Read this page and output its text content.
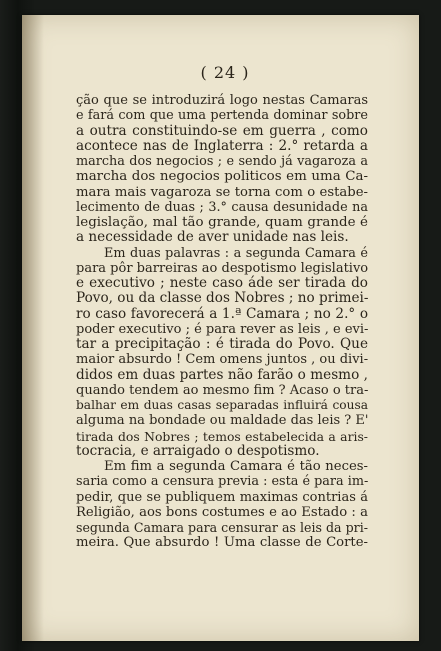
( 24 )
ção que se introduzirá logo nestas Camaras
e fará com que uma pertenda dominar sobre
a outra constituindo-se em guerra , como
acontece nas de Inglaterra : 2.° retarda a
marcha dos negocios ; e sendo já vagaroza a
marcha dos negocios politicos em uma Ca-
mara mais vagaroza se torna com o estabe-
lecimento de duas ; 3.° causa desunidade na
legislação, mal tão grande, quam grande é
a necessidade de aver unidade nas leis.
Em duas palavras : a segunda Camara é
para pôr barreiras ao despotismo legislativo
e executivo ; neste caso áde ser tirada do
Povo, ou da classe dos Nobres ; no primei-
ro caso favorecerá a 1.ª Camara ; no 2.° o
poder executivo ; é para rever as leis , e evi-
tar a precipitação : é tirada do Povo. Que
maior absurdo ! Cem omens juntos , ou divi-
didos em duas partes não farão o mesmo ,
quando tendem ao mesmo fim ? Acaso o tra-
balhar em duas casas separadas influirá cousa
alguma na bondade ou maldade das leis ? E'
tirada dos Nobres ; temos estabelecida a aris-
tocracia, e arraigado o despotismo.
Em fim a segunda Camara é tão neces-
saria como a censura previa : esta é para im-
pedir, que se publiquem maximas contrias á
Religião, aos bons costumes e ao Estado : a
segunda Camara para censurar as leis da pri-
meira. Que absurdo ! Uma classe de Corte-
